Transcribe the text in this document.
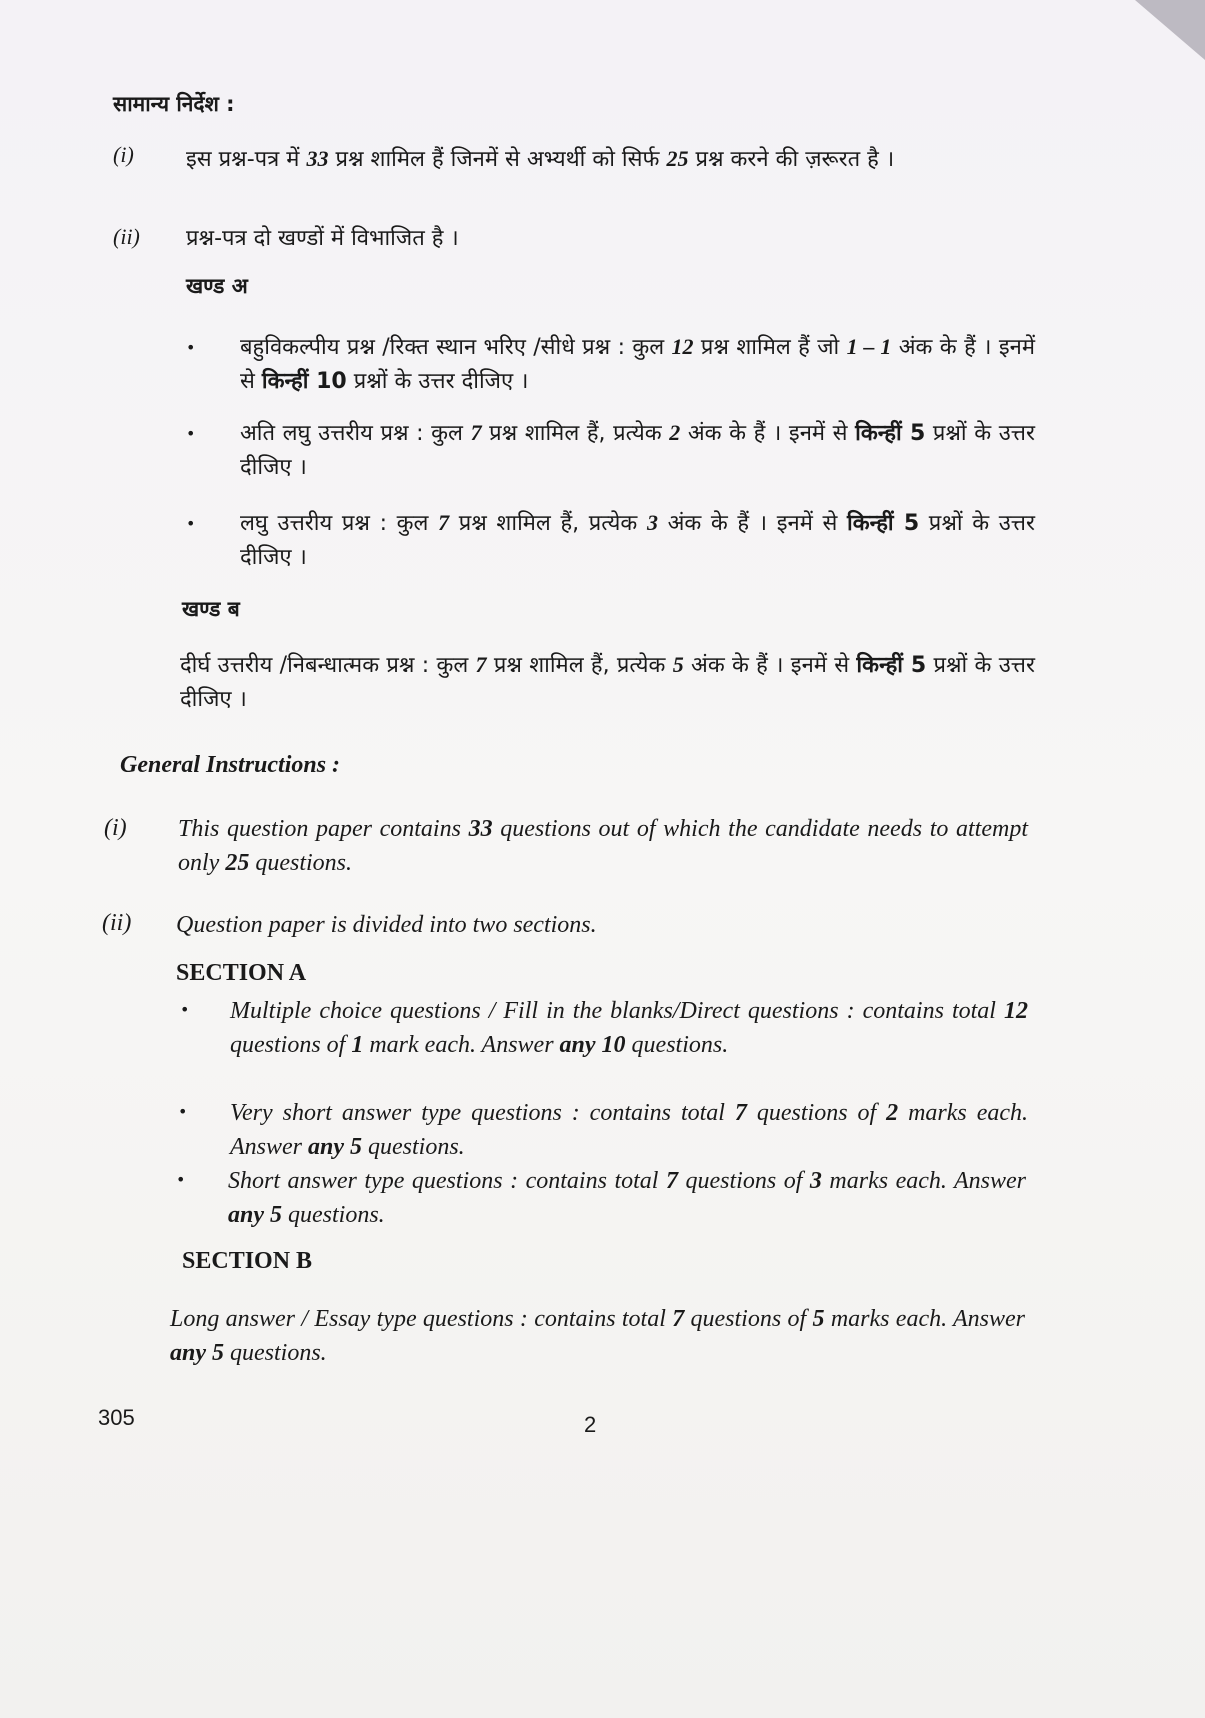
सामान्य निर्देश :
(i) इस प्रश्न-पत्र में 33 प्रश्न शामिल हैं जिनमें से अभ्यर्थी को सिर्फ 25 प्रश्न करने की ज़रूरत है ।
(ii) प्रश्न-पत्र दो खण्डों में विभाजित है ।
खण्ड अ
• बहुविकल्पीय प्रश्न /रिक्त स्थान भरिए /सीधे प्रश्न : कुल 12 प्रश्न शामिल हैं जो 1 – 1 अंक के हैं । इनमें से किन्हीं 10 प्रश्नों के उत्तर दीजिए ।
• अति लघु उत्तरीय प्रश्न : कुल 7 प्रश्न शामिल हैं, प्रत्येक 2 अंक के हैं । इनमें से किन्हीं 5 प्रश्नों के उत्तर दीजिए ।
• लघु उत्तरीय प्रश्न : कुल 7 प्रश्न शामिल हैं, प्रत्येक 3 अंक के हैं । इनमें से किन्हीं 5 प्रश्नों के उत्तर दीजिए ।
खण्ड ब
दीर्घ उत्तरीय /निबन्धात्मक प्रश्न : कुल 7 प्रश्न शामिल हैं, प्रत्येक 5 अंक के हैं । इनमें से किन्हीं 5 प्रश्नों के उत्तर दीजिए ।
General Instructions :
(i) This question paper contains 33 questions out of which the candidate needs to attempt only 25 questions.
(ii) Question paper is divided into two sections.
SECTION A
• Multiple choice questions / Fill in the blanks/Direct questions : contains total 12 questions of 1 mark each. Answer any 10 questions.
• Very short answer type questions : contains total 7 questions of 2 marks each. Answer any 5 questions.
• Short answer type questions : contains total 7 questions of 3 marks each. Answer any 5 questions.
SECTION B
Long answer / Essay type questions : contains total 7 questions of 5 marks each. Answer any 5 questions.
305	2
